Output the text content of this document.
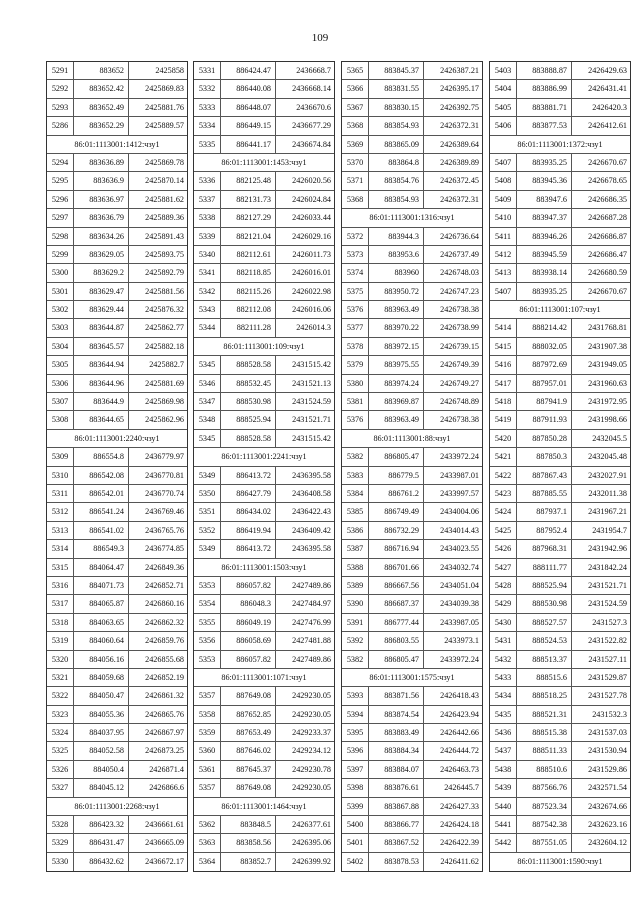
109
5291	883652	2425858
5292	883652.42	2425869.83
5293	883652.49	2425881.76
5286	883652.29	2425889.57
86:01:1113001:1412:чзу1
5294	883636.89	2425869.78
5295	883636.9	2425870.14
5296	883636.97	2425881.62
5297	883636.79	2425889.36
5298	883634.26	2425891.43
5299	883629.05	2425893.75
5300	883629.2	2425892.79
5301	883629.47	2425881.56
5302	883629.44	2425876.32
5303	883644.87	2425862.77
5304	883645.57	2425882.18
5305	883644.94	2425882.7
5306	883644.96	2425881.69
5307	883644.9	2425869.98
5308	883644.65	2425862.96
86:01:1113001:2240:чзу1
5309	886554.8	2436779.97
5310	886542.08	2436770.81
5311	886542.01	2436770.74
5312	886541.24	2436769.46
5313	886541.02	2436765.76
5314	886549.3	2436774.85
5315	884064.47	2426849.36
5316	884071.73	2426852.71
5317	884065.87	2426860.16
5318	884063.65	2426862.32
5319	884060.64	2426859.76
5320	884056.16	2426855.68
5321	884059.68	2426852.19
5322	884050.47	2426861.32
5323	884055.36	2426865.76
5324	884037.95	2426867.97
5325	884052.58	2426873.25
5326	884050.4	2426871.4
5327	884045.12	2426866.6
86:01:1113001:2268:чзу1
5328	886423.32	2436661.61
5329	886431.47	2436665.09
5330	886432.62	2436672.17
5331	886424.47	2436668.7
5332	886440.08	2436668.14
5333	886448.07	2436670.6
5334	886449.15	2436677.29
5335	886441.17	2436674.84
86:01:1113001:1453:чзу1
5336	882125.48	2426020.56
5337	882131.73	2426024.84
5338	882127.29	2426033.44
5339	882121.04	2426029.16
5340	882112.61	2426011.73
5341	882118.85	2426016.01
5342	882115.26	2426022.98
5343	882112.08	2426016.06
5344	882111.28	2426014.3
86:01:1113001:109:чзу1
5345	888528.58	2431515.42
5346	888532.45	2431521.13
5347	888530.98	2431524.59
5348	888525.94	2431521.71
5345	888528.58	2431515.42
86:01:1113001:2241:чзу1
5349	886413.72	2436395.58
5350	886427.79	2436408.58
5351	886434.02	2436422.43
5352	886419.94	2436409.42
5349	886413.72	2436395.58
86:01:1113001:1503:чзу1
5353	886057.82	2427489.86
5354	886048.3	2427484.97
5355	886049.19	2427476.99
5356	886058.69	2427481.88
5353	886057.82	2427489.86
86:01:1113001:1071:чзу1
5357	887649.08	2429230.05
5358	887652.85	2429230.05
5359	887653.49	2429233.37
5360	887646.02	2429234.12
5361	887645.37	2429230.78
5357	887649.08	2429230.05
86:01:1113001:1464:чзу1
5362	883848.5	2426377.61
5363	883858.56	2426395.06
5364	883852.7	2426399.92
5365	883845.37	2426387.21
5366	883831.55	2426395.17
5367	883830.15	2426392.75
5368	883854.93	2426372.31
5369	883865.09	2426389.64
5370	883864.8	2426389.89
5371	883854.76	2426372.45
5368	883854.93	2426372.31
86:01:1113001:1316:чзу1
5372	883944.3	2426736.64
5373	883953.6	2426737.49
5374	883960	2426748.03
5375	883950.72	2426747.23
5376	883963.49	2426738.38
5377	883970.22	2426738.99
5378	883972.15	2426739.15
5379	883975.55	2426749.39
5380	883974.24	2426749.27
5381	883969.87	2426748.89
5376	883963.49	2426738.38
86:01:1113001:88:чзу1
5382	886805.47	2433972.24
5383	886779.5	2433987.01
5384	886761.2	2433997.57
5385	886749.49	2434004.06
5386	886732.29	2434014.43
5387	886716.94	2434023.55
5388	886701.66	2434032.74
5389	886667.56	2434051.04
5390	886687.37	2434039.38
5391	886777.44	2433987.05
5392	886803.55	2433973.1
5382	886805.47	2433972.24
86:01:1113001:1575:чзу1
5393	883871.56	2426418.43
5394	883874.54	2426423.94
5395	883883.49	2426442.66
5396	883884.34	2426444.72
5397	883884.07	2426463.73
5398	883876.61	2426445.7
5399	883867.88	2426427.33
5400	883866.77	2426424.18
5401	883867.52	2426422.39
5402	883878.53	2426411.62
5403	883888.87	2426429.63
5404	883886.99	2426431.41
5405	883881.71	2426420.3
5406	883877.53	2426412.61
86:01:1113001:1372:чзу1
5407	883935.25	2426670.67
5408	883945.36	2426678.65
5409	883947.6	2426686.35
5410	883947.37	2426687.28
5411	883946.26	2426686.87
5412	883945.59	2426686.47
5413	883938.14	2426680.59
5407	883935.25	2426670.67
86:01:1113001:107:чзу1
5414	888214.42	2431768.81
5415	888032.05	2431907.38
5416	887972.69	2431949.05
5417	887957.01	2431960.63
5418	887941.9	2431972.95
5419	887911.93	2431998.66
5420	887850.28	2432045.5
5421	887850.3	2432045.48
5422	887867.43	2432027.91
5423	887885.55	2432011.38
5424	887937.1	2431967.21
5425	887952.4	2431954.7
5426	887968.31	2431942.96
5427	888111.77	2431842.24
5428	888525.94	2431521.71
5429	888530.98	2431524.59
5430	888527.57	2431527.3
5431	888524.53	2431522.82
5432	888513.37	2431527.11
5433	888515.6	2431529.87
5434	888518.25	2431527.78
5435	888521.31	2431532.3
5436	888515.38	2431537.03
5437	888511.33	2431530.94
5438	888510.6	2431529.86
5439	887566.76	2432571.54
5440	887523.34	2432674.66
5441	887542.38	2432623.16
5442	887551.05	2432604.12
86:01:1113001:1590:чзу1
